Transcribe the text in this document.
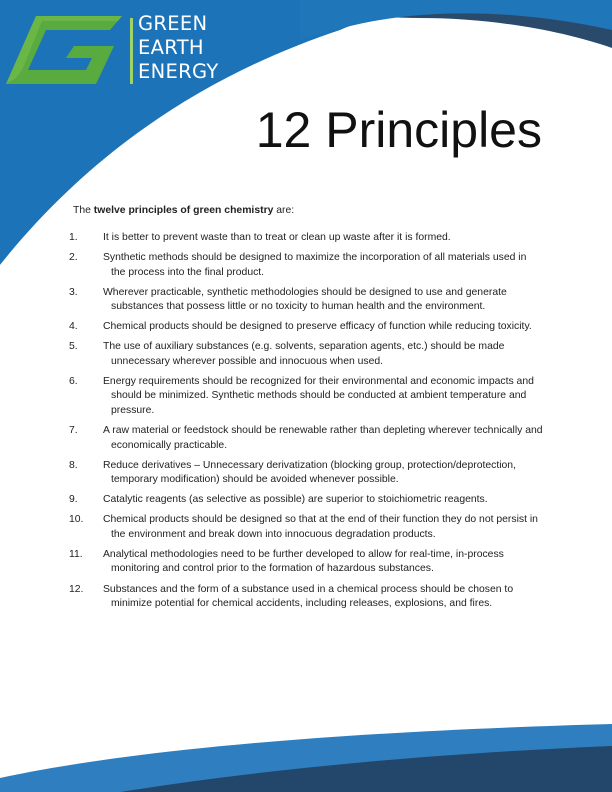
GREEN
EARTH
ENERGY
12 Principles
The twelve principles of green chemistry are:
1. It is better to prevent waste than to treat or clean up waste after it is formed.
2. Synthetic methods should be designed to maximize the incorporation of all materials used in the process into the final product.
3. Wherever practicable, synthetic methodologies should be designed to use and generate substances that possess little or no toxicity to human health and the environment.
4. Chemical products should be designed to preserve efficacy of function while reducing toxicity.
5. The use of auxiliary substances (e.g. solvents, separation agents, etc.) should be made unnecessary wherever possible and innocuous when used.
6. Energy requirements should be recognized for their environmental and economic impacts and should be minimized. Synthetic methods should be conducted at ambient temperature and pressure.
7. A raw material or feedstock should be renewable rather than depleting wherever technically and economically practicable.
8. Reduce derivatives – Unnecessary derivatization (blocking group, protection/deprotection, temporary modification) should be avoided whenever possible.
9. Catalytic reagents (as selective as possible) are superior to stoichiometric reagents.
10. Chemical products should be designed so that at the end of their function they do not persist in the environment and break down into innocuous degradation products.
11. Analytical methodologies need to be further developed to allow for real-time, in-process monitoring and control prior to the formation of hazardous substances.
12. Substances and the form of a substance used in a chemical process should be chosen to minimize potential for chemical accidents, including releases, explosions, and fires.
